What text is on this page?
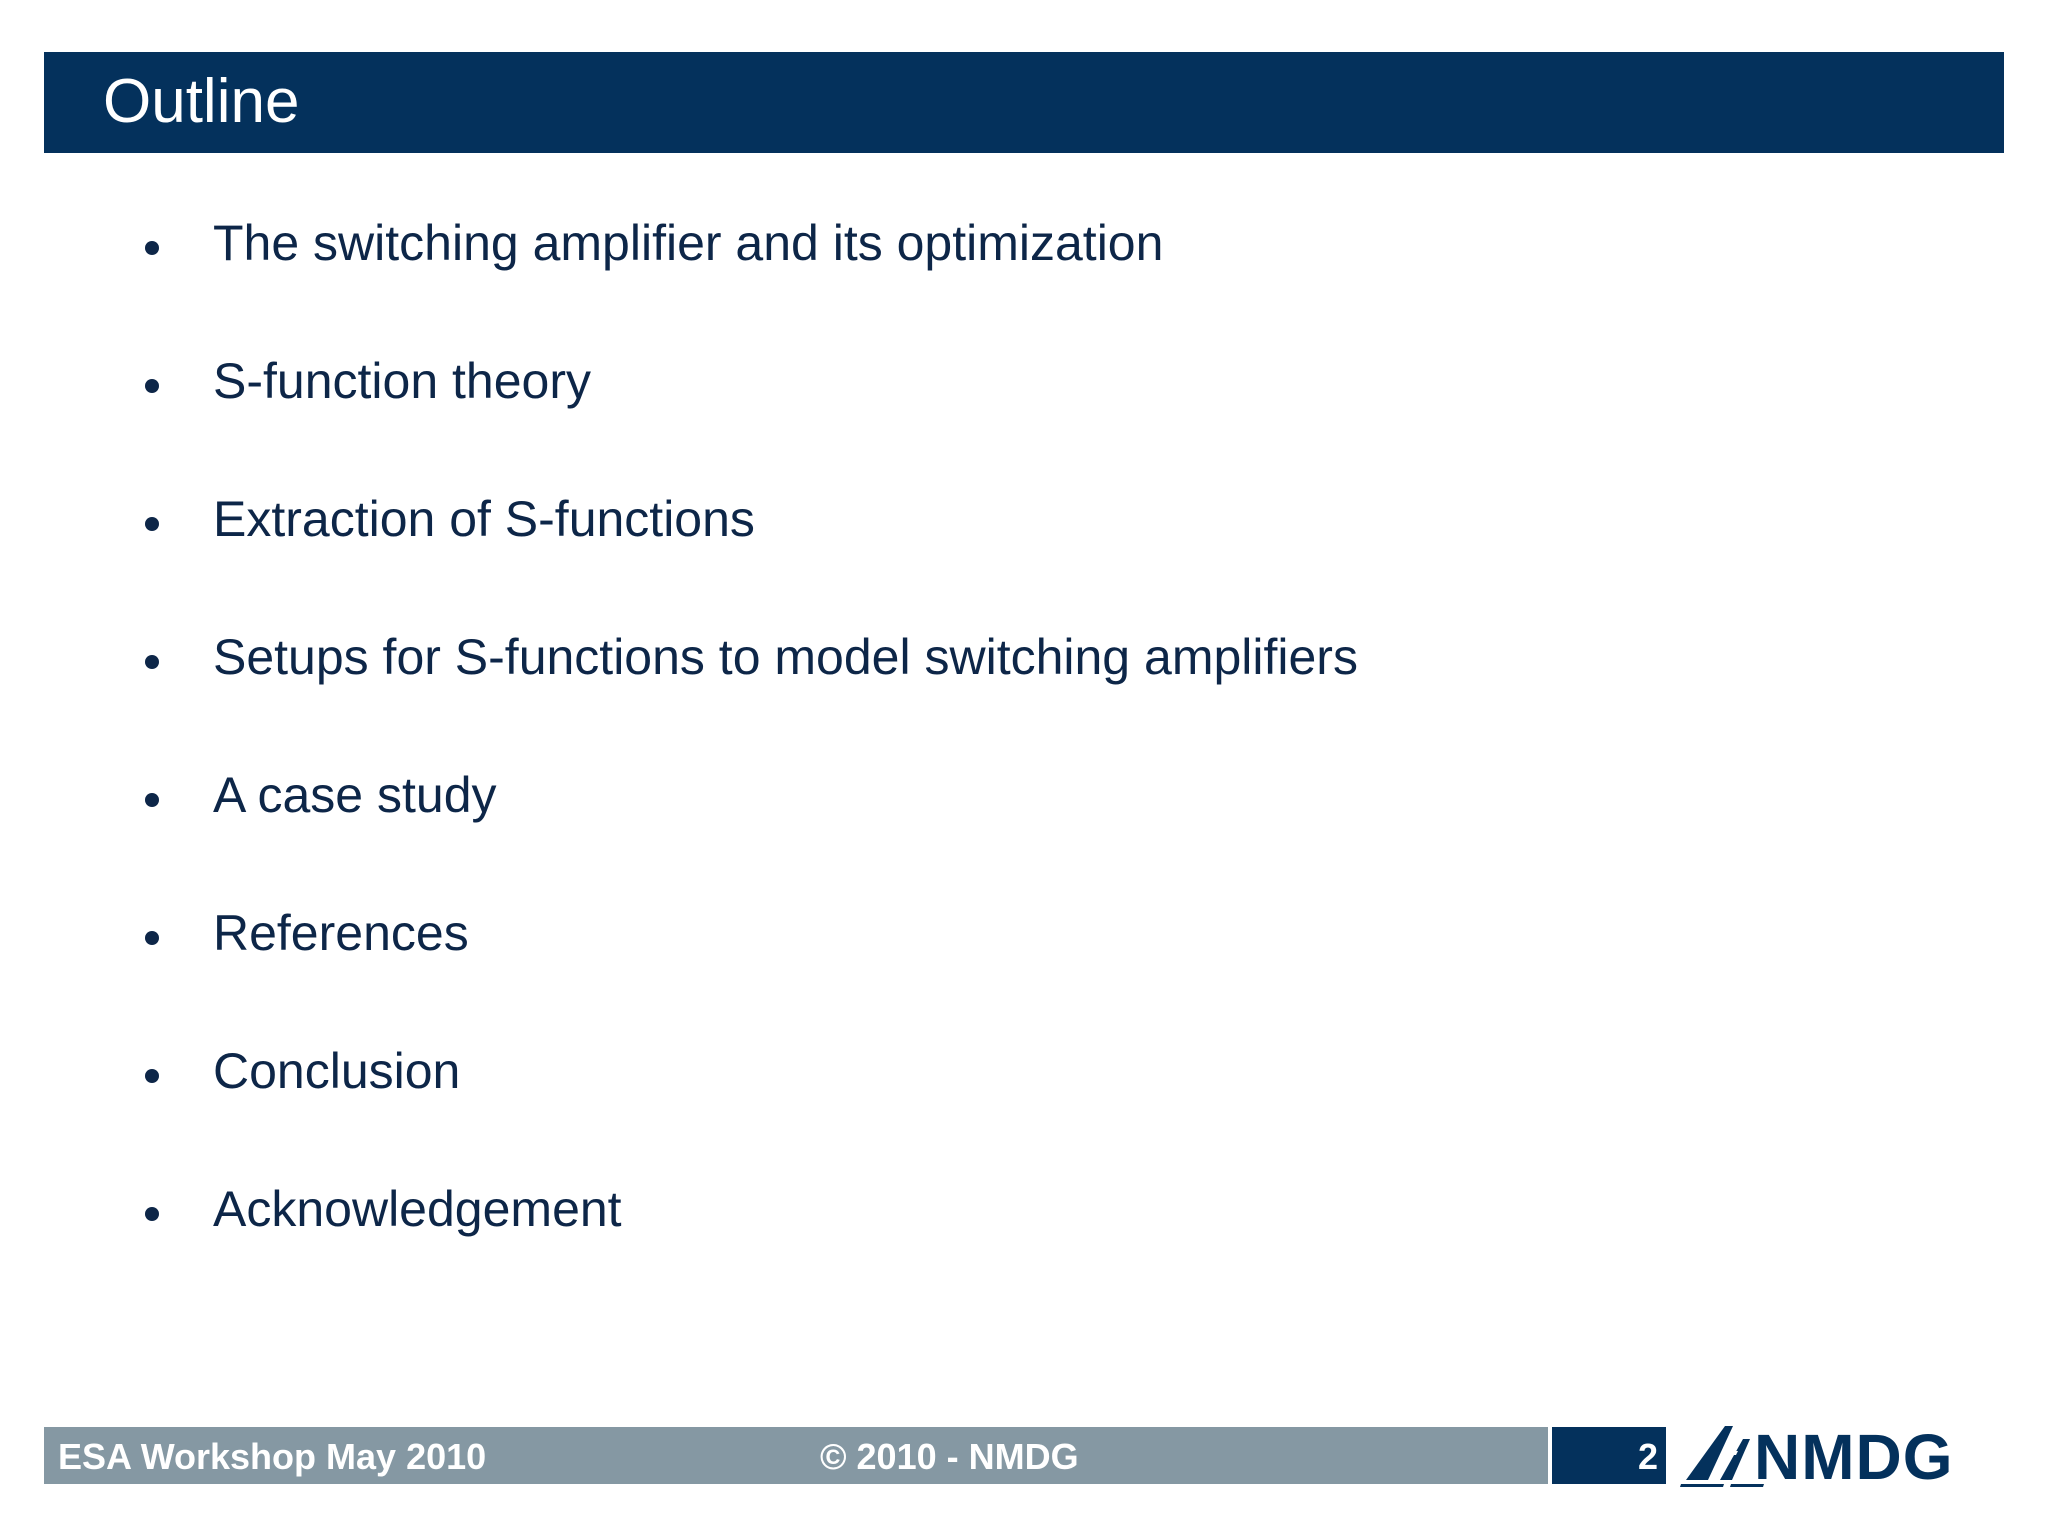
Outline
The switching amplifier and its optimization
S-function theory
Extraction of S-functions
Setups for S-functions to model switching amplifiers
A case study
References
Conclusion
Acknowledgement
ESA Workshop May 2010	© 2010 - NMDG	2 NMDG
